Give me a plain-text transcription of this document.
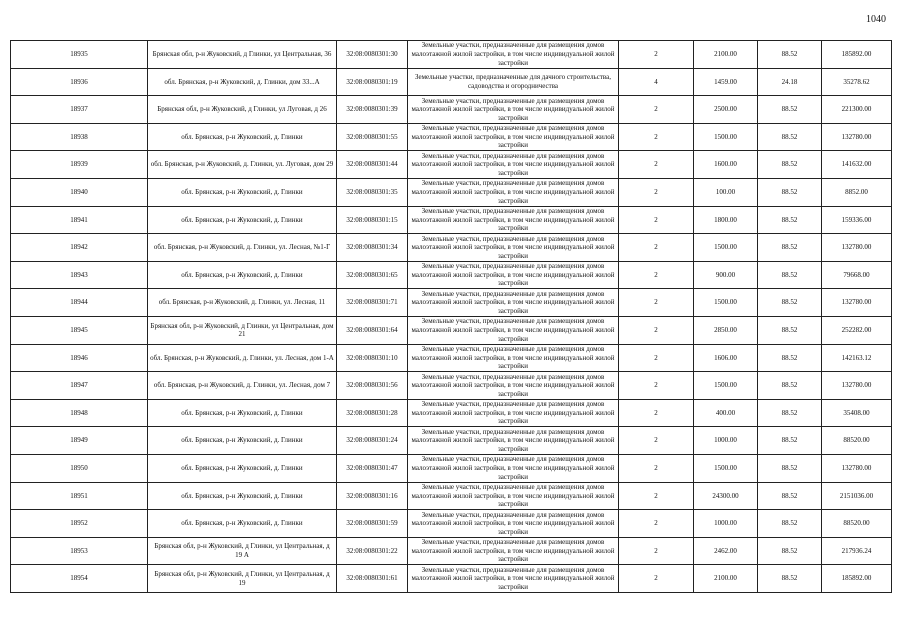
1040
18935	Брянская обл, р-н Жуковский, д Глинки, ул Центральная, 36	32:08:0080301:30	Земельные участки, предназначенные для размещения домов малоэтажной жилой застройки, в том числе индивидуальной жилой застройки	2	2100.00	88.52	185892.00
18936	обл. Брянская, р-н Жуковский, д. Глинки, дом 33...А	32:08:0080301:19	Земельные участки, предназначенные для дачного строительства, садоводства и огородничества	4	1459.00	24.18	35278.62
18937	Брянская обл, р-н Жуковский, д Глинки, ул Луговая, д 26	32:08:0080301:39	Земельные участки, предназначенные для размещения домов малоэтажной жилой застройки, в том числе индивидуальной жилой застройки	2	2500.00	88.52	221300.00
18938	обл. Брянская, р-н Жуковский, д. Глинки	32:08:0080301:55	Земельные участки, предназначенные для размещения домов малоэтажной жилой застройки, в том числе индивидуальной жилой застройки	2	1500.00	88.52	132780.00
18939	обл. Брянская, р-н Жуковский, д. Глинки, ул. Луговая, дом 29	32:08:0080301:44	Земельные участки, предназначенные для размещения домов малоэтажной жилой застройки, в том числе индивидуальной жилой застройки	2	1600.00	88.52	141632.00
18940	обл. Брянская, р-н Жуковский, д. Глинки	32:08:0080301:35	Земельные участки, предназначенные для размещения домов малоэтажной жилой застройки, в том числе индивидуальной жилой застройки	2	100.00	88.52	8852.00
18941	обл. Брянская, р-н Жуковский, д. Глинки	32:08:0080301:15	Земельные участки, предназначенные для размещения домов малоэтажной жилой застройки, в том числе индивидуальной жилой застройки	2	1800.00	88.52	159336.00
18942	обл. Брянская, р-н Жуковский, д. Глинки, ул. Лесная, №1-Г	32:08:0080301:34	Земельные участки, предназначенные для размещения домов малоэтажной жилой застройки, в том числе индивидуальной жилой застройки	2	1500.00	88.52	132780.00
18943	обл. Брянская, р-н Жуковский, д. Глинки	32:08:0080301:65	Земельные участки, предназначенные для размещения домов малоэтажной жилой застройки, в том числе индивидуальной жилой застройки	2	900.00	88.52	79668.00
18944	обл. Брянская, р-н Жуковский, д. Глинки, ул. Лесная, 11	32:08:0080301:71	Земельные участки, предназначенные для размещения домов малоэтажной жилой застройки, в том числе индивидуальной жилой застройки	2	1500.00	88.52	132780.00
18945	Брянская обл, р-н Жуковский, д Глинки, ул Центральная, дом 21	32:08:0080301:64	Земельные участки, предназначенные для размещения домов малоэтажной жилой застройки, в том числе индивидуальной жилой застройки	2	2850.00	88.52	252282.00
18946	обл. Брянская, р-н Жуковский, д. Глинки, ул. Лесная, дом 1-А	32:08:0080301:10	Земельные участки, предназначенные для размещения домов малоэтажной жилой застройки, в том числе индивидуальной жилой застройки	2	1606.00	88.52	142163.12
18947	обл. Брянская, р-н Жуковский, д. Глинки, ул. Лесная, дом 7	32:08:0080301:56	Земельные участки, предназначенные для размещения домов малоэтажной жилой застройки, в том числе индивидуальной жилой застройки	2	1500.00	88.52	132780.00
18948	обл. Брянская, р-н Жуковский, д. Глинки	32:08:0080301:28	Земельные участки, предназначенные для размещения домов малоэтажной жилой застройки, в том числе индивидуальной жилой застройки	2	400.00	88.52	35408.00
18949	обл. Брянская, р-н Жуковский, д. Глинки	32:08:0080301:24	Земельные участки, предназначенные для размещения домов малоэтажной жилой застройки, в том числе индивидуальной жилой застройки	2	1000.00	88.52	88520.00
18950	обл. Брянская, р-н Жуковский, д. Глинки	32:08:0080301:47	Земельные участки, предназначенные для размещения домов малоэтажной жилой застройки, в том числе индивидуальной жилой застройки	2	1500.00	88.52	132780.00
18951	обл. Брянская, р-н Жуковский, д. Глинки	32:08:0080301:16	Земельные участки, предназначенные для размещения домов малоэтажной жилой застройки, в том числе индивидуальной жилой застройки	2	24300.00	88.52	2151036.00
18952	обл. Брянская, р-н Жуковский, д. Глинки	32:08:0080301:59	Земельные участки, предназначенные для размещения домов малоэтажной жилой застройки, в том числе индивидуальной жилой застройки	2	1000.00	88.52	88520.00
18953	Брянская обл, р-н Жуковский, д Глинки, ул Центральная, д 19 А	32:08:0080301:22	Земельные участки, предназначенные для размещения домов малоэтажной жилой застройки, в том числе индивидуальной жилой застройки	2	2462.00	88.52	217936.24
18954	Брянская обл, р-н Жуковский, д Глинки, ул Центральная, д 19	32:08:0080301:61	Земельные участки, предназначенные для размещения домов малоэтажной жилой застройки, в том числе индивидуальной жилой застройки	2	2100.00	88.52	185892.00
